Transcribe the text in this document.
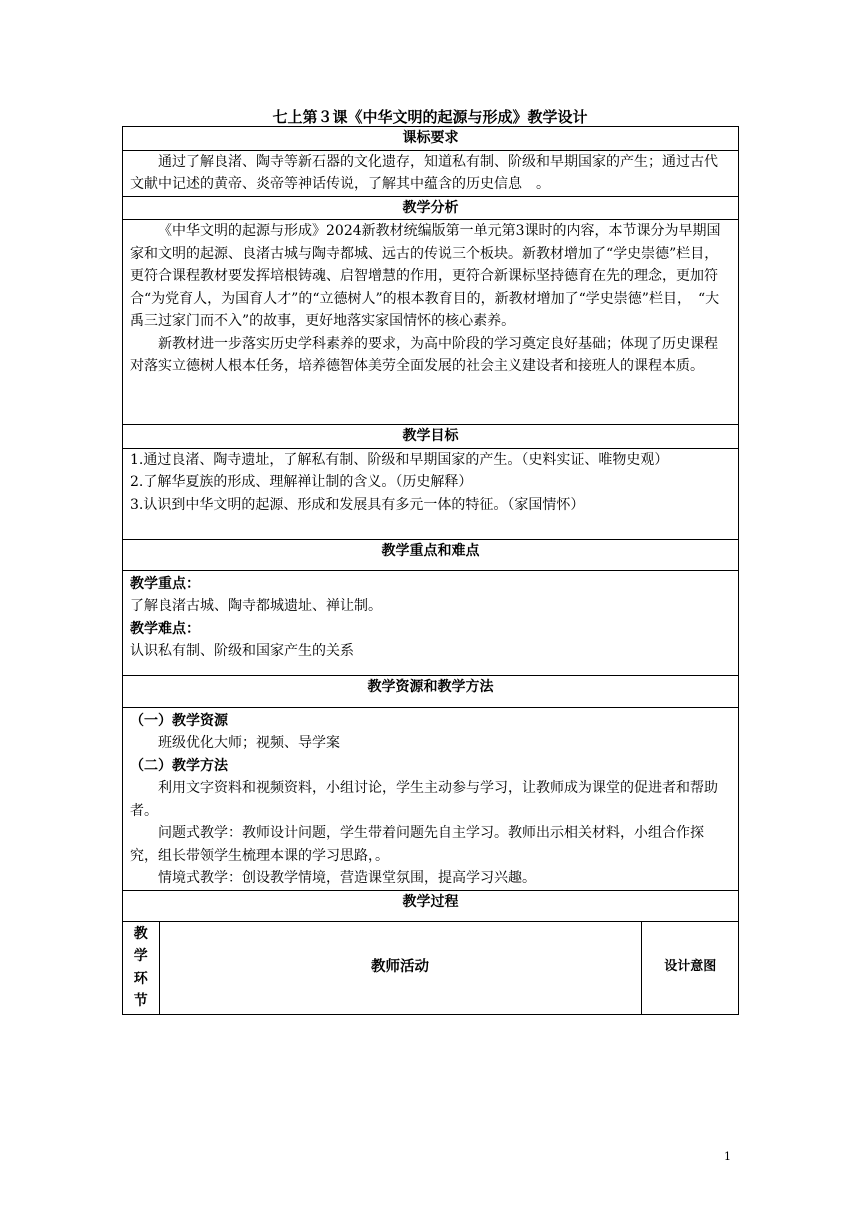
七上第３课《中华文明的起源与形成》教学设计
课标要求

通过了解良渚、陶寺等新石器的文化遗存，知道私有制、阶级和早期国家的产生；通过古代文献中记述的黄帝、炎帝等神话传说，了解其中蕴含的历史信息　。

教学分析

《中华文明的起源与形成》2024新教材统编版第一单元第3课时的内容，本节课分为早期国家和文明的起源、良渚古城与陶寺都城、远古的传说三个板块。新教材增加了“学史崇德”栏目，更符合课程教材要发挥培根铸魂、启智增慧的作用，更符合新课标坚持德育在先的理念，更加符合“为党育人，为国育人才”的“立德树人”的根本教育目的，新教材增加了“学史崇德”栏目，　“大禹三过家门而不入”的故事，更好地落实家国情怀的核心素养。

新教材进一步落实历史学科素养的要求，为高中阶段的学习奠定良好基础；体现了历史课程对落实立德树人根本任务，培养德智体美劳全面发展的社会主义建设者和接班人的课程本质。

教学目标

1.通过良渚、陶寺遗址，了解私有制、阶级和早期国家的产生。（史料实证、唯物史观）

2.了解华夏族的形成、理解禅让制的含义。（历史解释）

3.认识到中华文明的起源、形成和发展具有多元一体的特征。（家国情怀）

教学重点和难点

教学重点：

了解良渚古城、陶寺都城遗址、禅让制。

教学难点：

认识私有制、阶级和国家产生的关系

教学资源和教学方法

（一）教学资源

班级优化大师；视频、导学案

（二）教学方法

利用文字资料和视频资料，小组讨论，学生主动参与学习，让教师成为课堂的促进者和帮助者。

问题式教学：教师设计问题，学生带着问题先自主学习。教师出示相关材料，小组合作探究，组长带领学生梳理本课的学习思路，。

情境式教学：创设教学情境，营造课堂氛围，提高学习兴趣。

教学过程

教
学
环
节
	教师活动	设计意图
1
